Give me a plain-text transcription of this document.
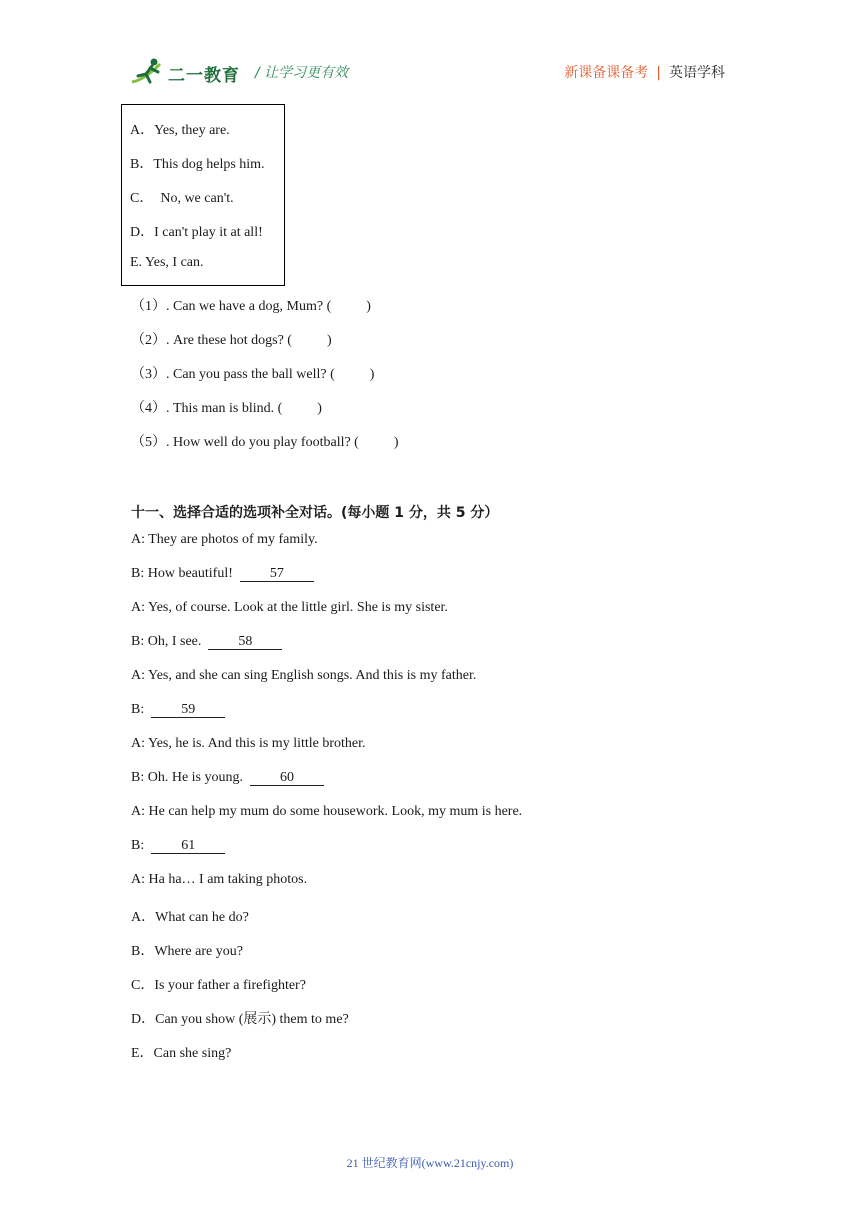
二一教育 / 让学习更有效	新课备课备考 | 英语学科
A．Yes, they are.
B．This dog helps him.
C．  No, we can't.
D．I can't play it at all!
E. Yes, I can.
（1）. Can we have a dog, Mum? (          )
（2）. Are these hot dogs? (          )
（3）. Can you pass the ball well? (          )
（4）. This man is blind. (          )
（5）. How well do you play football? (          )
十一、选择合适的选项补全对话。(每小题 1 分，共 5 分）
A: They are photos of my family.
B: How beautiful!  57
A: Yes, of course. Look at the little girl. She is my sister.
B: Oh, I see.  58
A: Yes, and she can sing English songs. And this is my father.
B:  59
A: Yes, he is. And this is my little brother.
B: Oh. He is young.  60
A: He can help my mum do some housework. Look, my mum is here.
B:  61
A: Ha ha… I am taking photos.
A．What can he do?
B．Where are you?
C．Is your father a firefighter?
D．Can you show (展示) them to me?
E．Can she sing?
21 世纪教育网(www.21cnjy.com)
